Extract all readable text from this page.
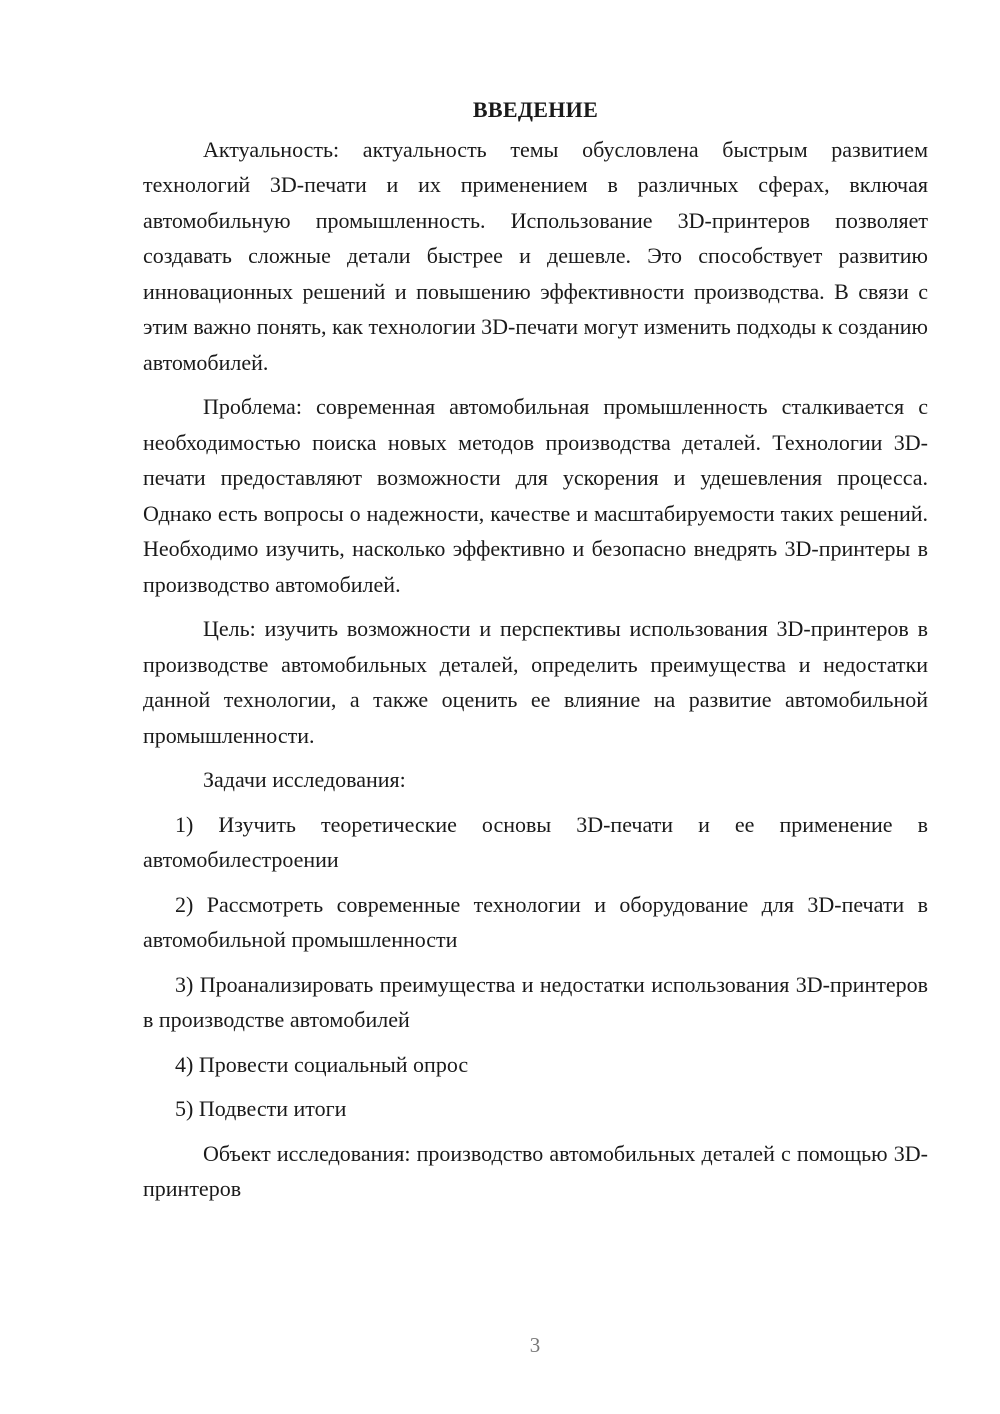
ВВЕДЕНИЕ

Актуальность: актуальность темы обусловлена быстрым развитием технологий 3D-печати и их применением в различных сферах, включая автомобильную промышленность. Использование 3D-принтеров позволяет создавать сложные детали быстрее и дешевле. Это способствует развитию инновационных решений и повышению эффективности производства. В связи с этим важно понять, как технологии 3D-печати могут изменить подходы к созданию автомобилей.

Проблема: современная автомобильная промышленность сталкивается с необходимостью поиска новых методов производства деталей. Технологии 3D-печати предоставляют возможности для ускорения и удешевления процесса. Однако есть вопросы о надежности, качестве и масштабируемости таких решений. Необходимо изучить, насколько эффективно и безопасно внедрять 3D-принтеры в производство автомобилей.

Цель: изучить возможности и перспективы использования 3D-принтеров в производстве автомобильных деталей, определить преимущества и недостатки данной технологии, а также оценить ее влияние на развитие автомобильной промышленности.

Задачи исследования:

1) Изучить теоретические основы 3D-печати и ее применение в автомобилестроении

2) Рассмотреть современные технологии и оборудование для 3D-печати в автомобильной промышленности

3) Проанализировать преимущества и недостатки использования 3D-принтеров в производстве автомобилей

4) Провести социальный опрос

5) Подвести итоги

Объект исследования: производство автомобильных деталей с помощью 3D-принтеров

3
